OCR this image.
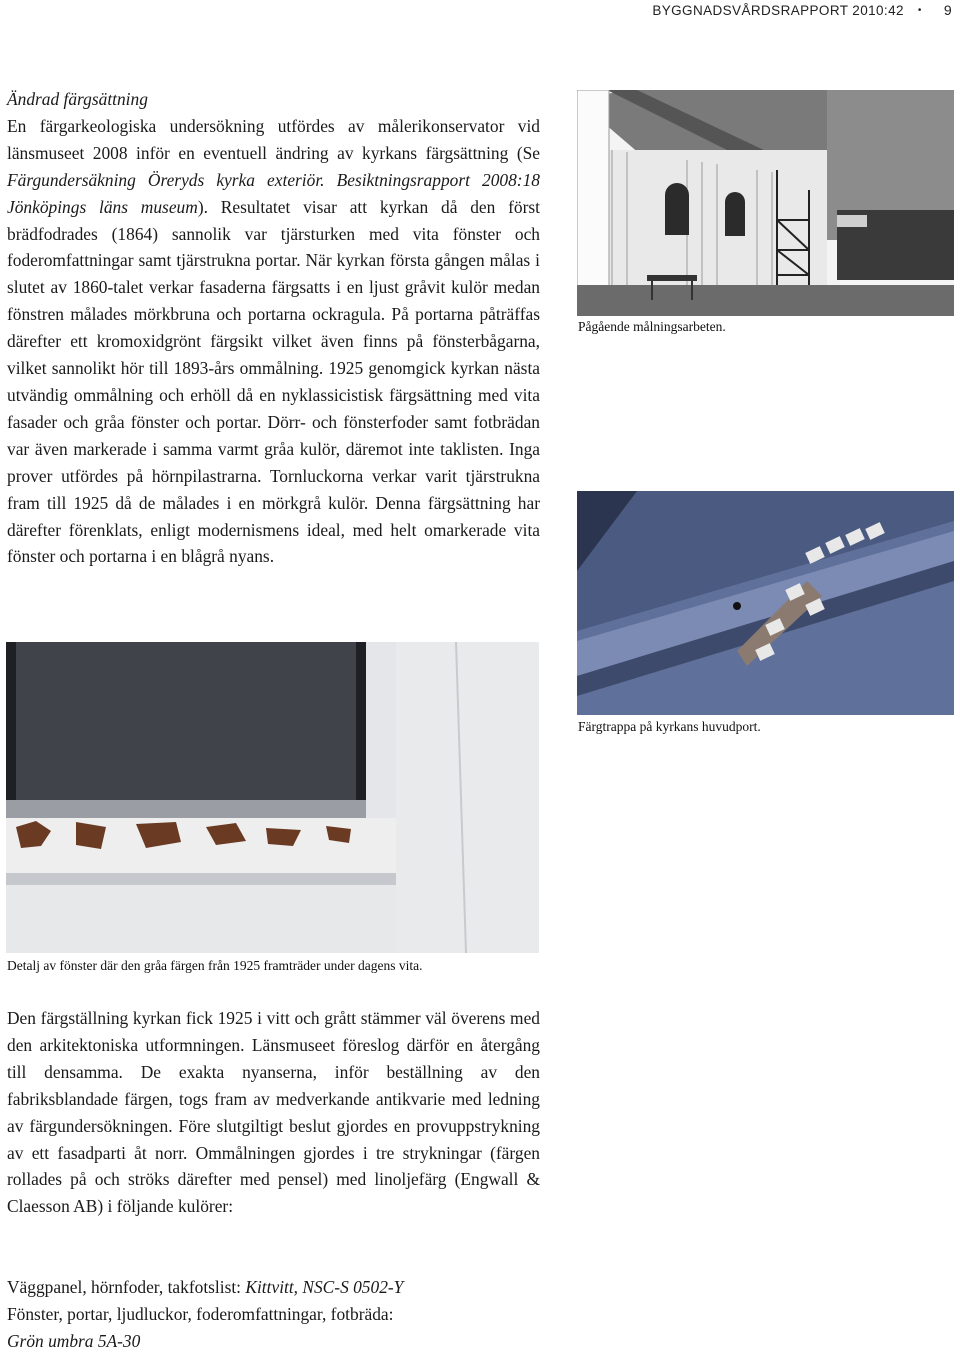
BYGGNADSVÅRDSRAPPORT 2010:42 • 9

Ändrad färgsättning
En färgarkeologiska undersökning utfördes av målerikonservator vid länsmuseet 2008 inför en eventuell ändring av kyrkans färgsättning (Se Färgundersäkning Öreryds kyrka exteriör. Besiktningsrapport 2008:18 Jönköpings läns museum). Resultatet visar att kyrkan då den först brädfodrades (1864) sannolik var tjärsturken med vita fönster och foderomfattningar samt tjärstrukna portar. När kyrkan första gången målas i slutet av 1860-talet verkar fasaderna färgsatts i en ljust gråvit kulör medan fönstren målades mörkbruna och portarna ockragula. På portarna påträffas därefter ett kromoxidgrönt färgsikt vilket även finns på fönsterbågarna, vilket sannolikt hör till 1893-års ommålning. 1925 genomgick kyrkan nästa utvändig ommålning och erhöll då en nyklassicistisk färgsättning med vita fasader och gråa fönster och portar. Dörr- och fönsterfoder samt fotbrädan var även markerade i samma varmt gråa kulör, däremot inte taklisten. Inga prover utfördes på hörnpilastrarna. Tornluckorna verkar varit tjärstrukna fram till 1925 då de målades i en mörkgrå kulör. Denna färgsättning har därefter förenklats, enligt modernismens ideal, med helt omarkerade vita fönster och portarna i en blågrå nyans.

Pågående målningsarbeten.

Färgtrappa på kyrkans huvudport.

Detalj av fönster där den gråa färgen från 1925 framträder under dagens vita.

Den färgställning kyrkan fick 1925 i vitt och grått stämmer väl överens med den arkitektoniska utformningen. Länsmuseet föreslog därför en återgång till densamma. De exakta nyanserna, inför beställning av den fabriksblandade färgen, togs fram av medverkande antikvarie med ledning av färgundersökningen. Före slutgiltigt beslut gjordes en provuppstrykning av ett fasadparti åt norr. Ommålningen gjordes i tre strykningar (färgen rollades på och ströks därefter med pensel) med linoljefärg (Engwall & Claesson AB) i följande kulörer:

Väggpanel, hörnfoder, takfotslist: Kittvitt, NSC-S 0502-Y
Fönster, portar, ljudluckor, foderomfattningar, fotbräda:
Grön umbra 5A-30
